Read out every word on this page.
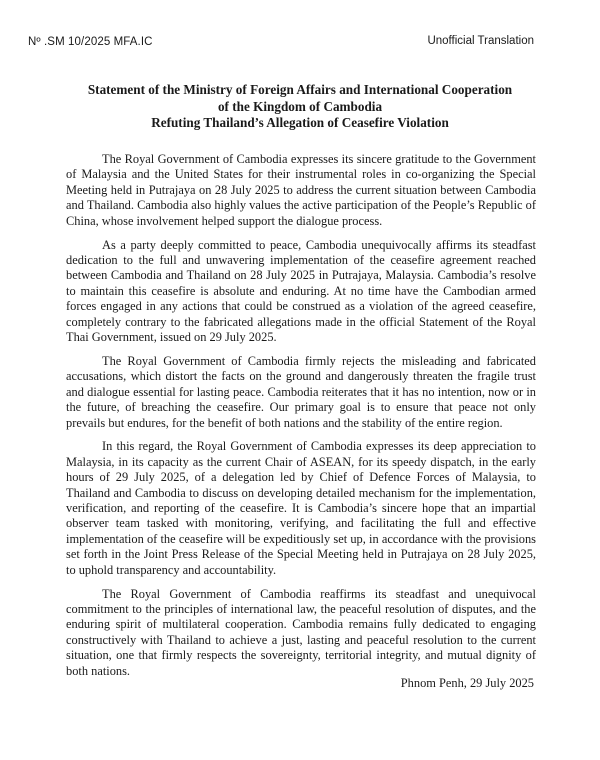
Nº .SM 10/2025 MFA.IC	Unofficial Translation
Statement of the Ministry of Foreign Affairs and International Cooperation
of the Kingdom of Cambodia
Refuting Thailand’s Allegation of Ceasefire Violation

The Royal Government of Cambodia expresses its sincere gratitude to the Government of Malaysia and the United States for their instrumental roles in co-organizing the Special Meeting held in Putrajaya on 28 July 2025 to address the current situation between Cambodia and Thailand. Cambodia also highly values the active participation of the People’s Republic of China, whose involvement helped support the dialogue process.

As a party deeply committed to peace, Cambodia unequivocally affirms its steadfast dedication to the full and unwavering implementation of the ceasefire agreement reached between Cambodia and Thailand on 28 July 2025 in Putrajaya, Malaysia. Cambodia’s resolve to maintain this ceasefire is absolute and enduring. At no time have the Cambodian armed forces engaged in any actions that could be construed as a violation of the agreed ceasefire, completely contrary to the fabricated allegations made in the official Statement of the Royal Thai Government, issued on 29 July 2025.

The Royal Government of Cambodia firmly rejects the misleading and fabricated accusations, which distort the facts on the ground and dangerously threaten the fragile trust and dialogue essential for lasting peace. Cambodia reiterates that it has no intention, now or in the future, of breaching the ceasefire. Our primary goal is to ensure that peace not only prevails but endures, for the benefit of both nations and the stability of the entire region.

In this regard, the Royal Government of Cambodia expresses its deep appreciation to Malaysia, in its capacity as the current Chair of ASEAN, for its speedy dispatch, in the early hours of 29 July 2025, of a delegation led by Chief of Defence Forces of Malaysia, to Thailand and Cambodia to discuss on developing detailed mechanism for the implementation, verification, and reporting of the ceasefire. It is Cambodia’s sincere hope that an impartial observer team tasked with monitoring, verifying, and facilitating the full and effective implementation of the ceasefire will be expeditiously set up, in accordance with the provisions set forth in the Joint Press Release of the Special Meeting held in Putrajaya on 28 July 2025, to uphold transparency and accountability.

The Royal Government of Cambodia reaffirms its steadfast and unequivocal commitment to the principles of international law, the peaceful resolution of disputes, and the enduring spirit of multilateral cooperation. Cambodia remains fully dedicated to engaging constructively with Thailand to achieve a just, lasting and peaceful resolution to the current situation, one that firmly respects the sovereignty, territorial integrity, and mutual dignity of both nations.

Phnom Penh, 29 July 2025
